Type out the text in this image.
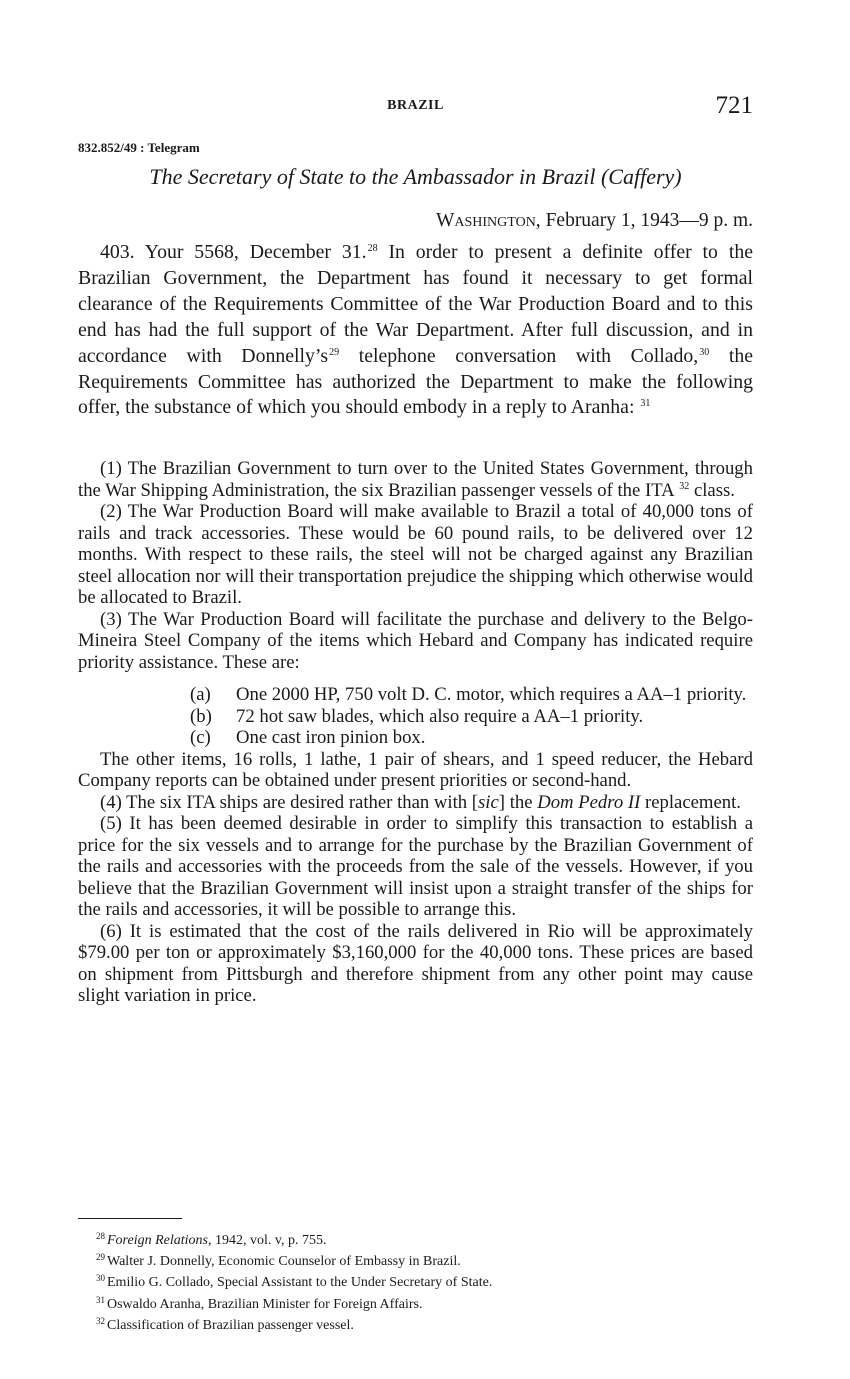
BRAZIL	721
832.852/49 : Telegram
The Secretary of State to the Ambassador in Brazil (Caffery)
Washington, February 1, 1943—9 p. m.

403. Your 5568, December 31.28 In order to present a definite offer to the Brazilian Government, the Department has found it necessary to get formal clearance of the Requirements Committee of the War Production Board and to this end has had the full support of the War Department. After full discussion, and in accordance with $Donnelly’s^{29}$ telephone conversation with Collado,$^{30}$ the Requirements Committee has authorized the Department to make the following offer, the substance of which you should embody in a reply to Aranha: $^{31}$

(1) The Brazilian Government to turn over to the United States Government, through the War Shipping Administration, the six Brazilian passenger vessels of the ITA $^{32}$ class.

(2) The War Production Board will make available to Brazil a total of 40,000 tons of rails and track accessories. These would be 60 pound rails, to be delivered over 12 months. With respect to these rails, the steel will not be charged against any Brazilian steel allocation nor will their transportation prejudice the shipping which otherwise would be allocated to Brazil.

(3) The War Production Board will facilitate the purchase and delivery to the Belgo-Mineira Steel Company of the items which Hebard and Company has indicated require priority assistance. These are:

(a) One 2000 HP, 750 volt D. C. motor, which requires a AA–1 priority.

(b) 72 hot saw blades, which also require a AA–1 priority.

(c) One cast iron pinion box.

The other items, 16 rolls, 1 lathe, 1 pair of shears, and 1 speed reducer, the Hebard Company reports can be obtained under present priorities or second-hand.

(4) The six ITA ships are desired rather than with [sic] the Dom Pedro II replacement.

(5) It has been deemed desirable in order to simplify this transaction to establish a price for the six vessels and to arrange for the purchase by the Brazilian Government of the rails and accessories with the proceeds from the sale of the vessels. However, if you believe that the Brazilian Government will insist upon a straight transfer of the ships for the rails and accessories, it will be possible to arrange this.

(6) It is estimated that the cost of the rails delivered in Rio will be approximately $79.00 per ton or approximately $3,160,000 for the 40,000 tons. These prices are based on shipment from Pittsburgh and therefore shipment from any other point may cause slight variation in price.

$^{28}$ Foreign Relations, 1942, vol. v, p. 755.
$^{29}$ Walter J. Donnelly, Economic Counselor of Embassy in Brazil.
$^{30}$ Emilio G. Collado, Special Assistant to the Under Secretary of State.
$^{31}$ Oswaldo Aranha, Brazilian Minister for Foreign Affairs.
$^{32}$ Classification of Brazilian passenger vessel.
